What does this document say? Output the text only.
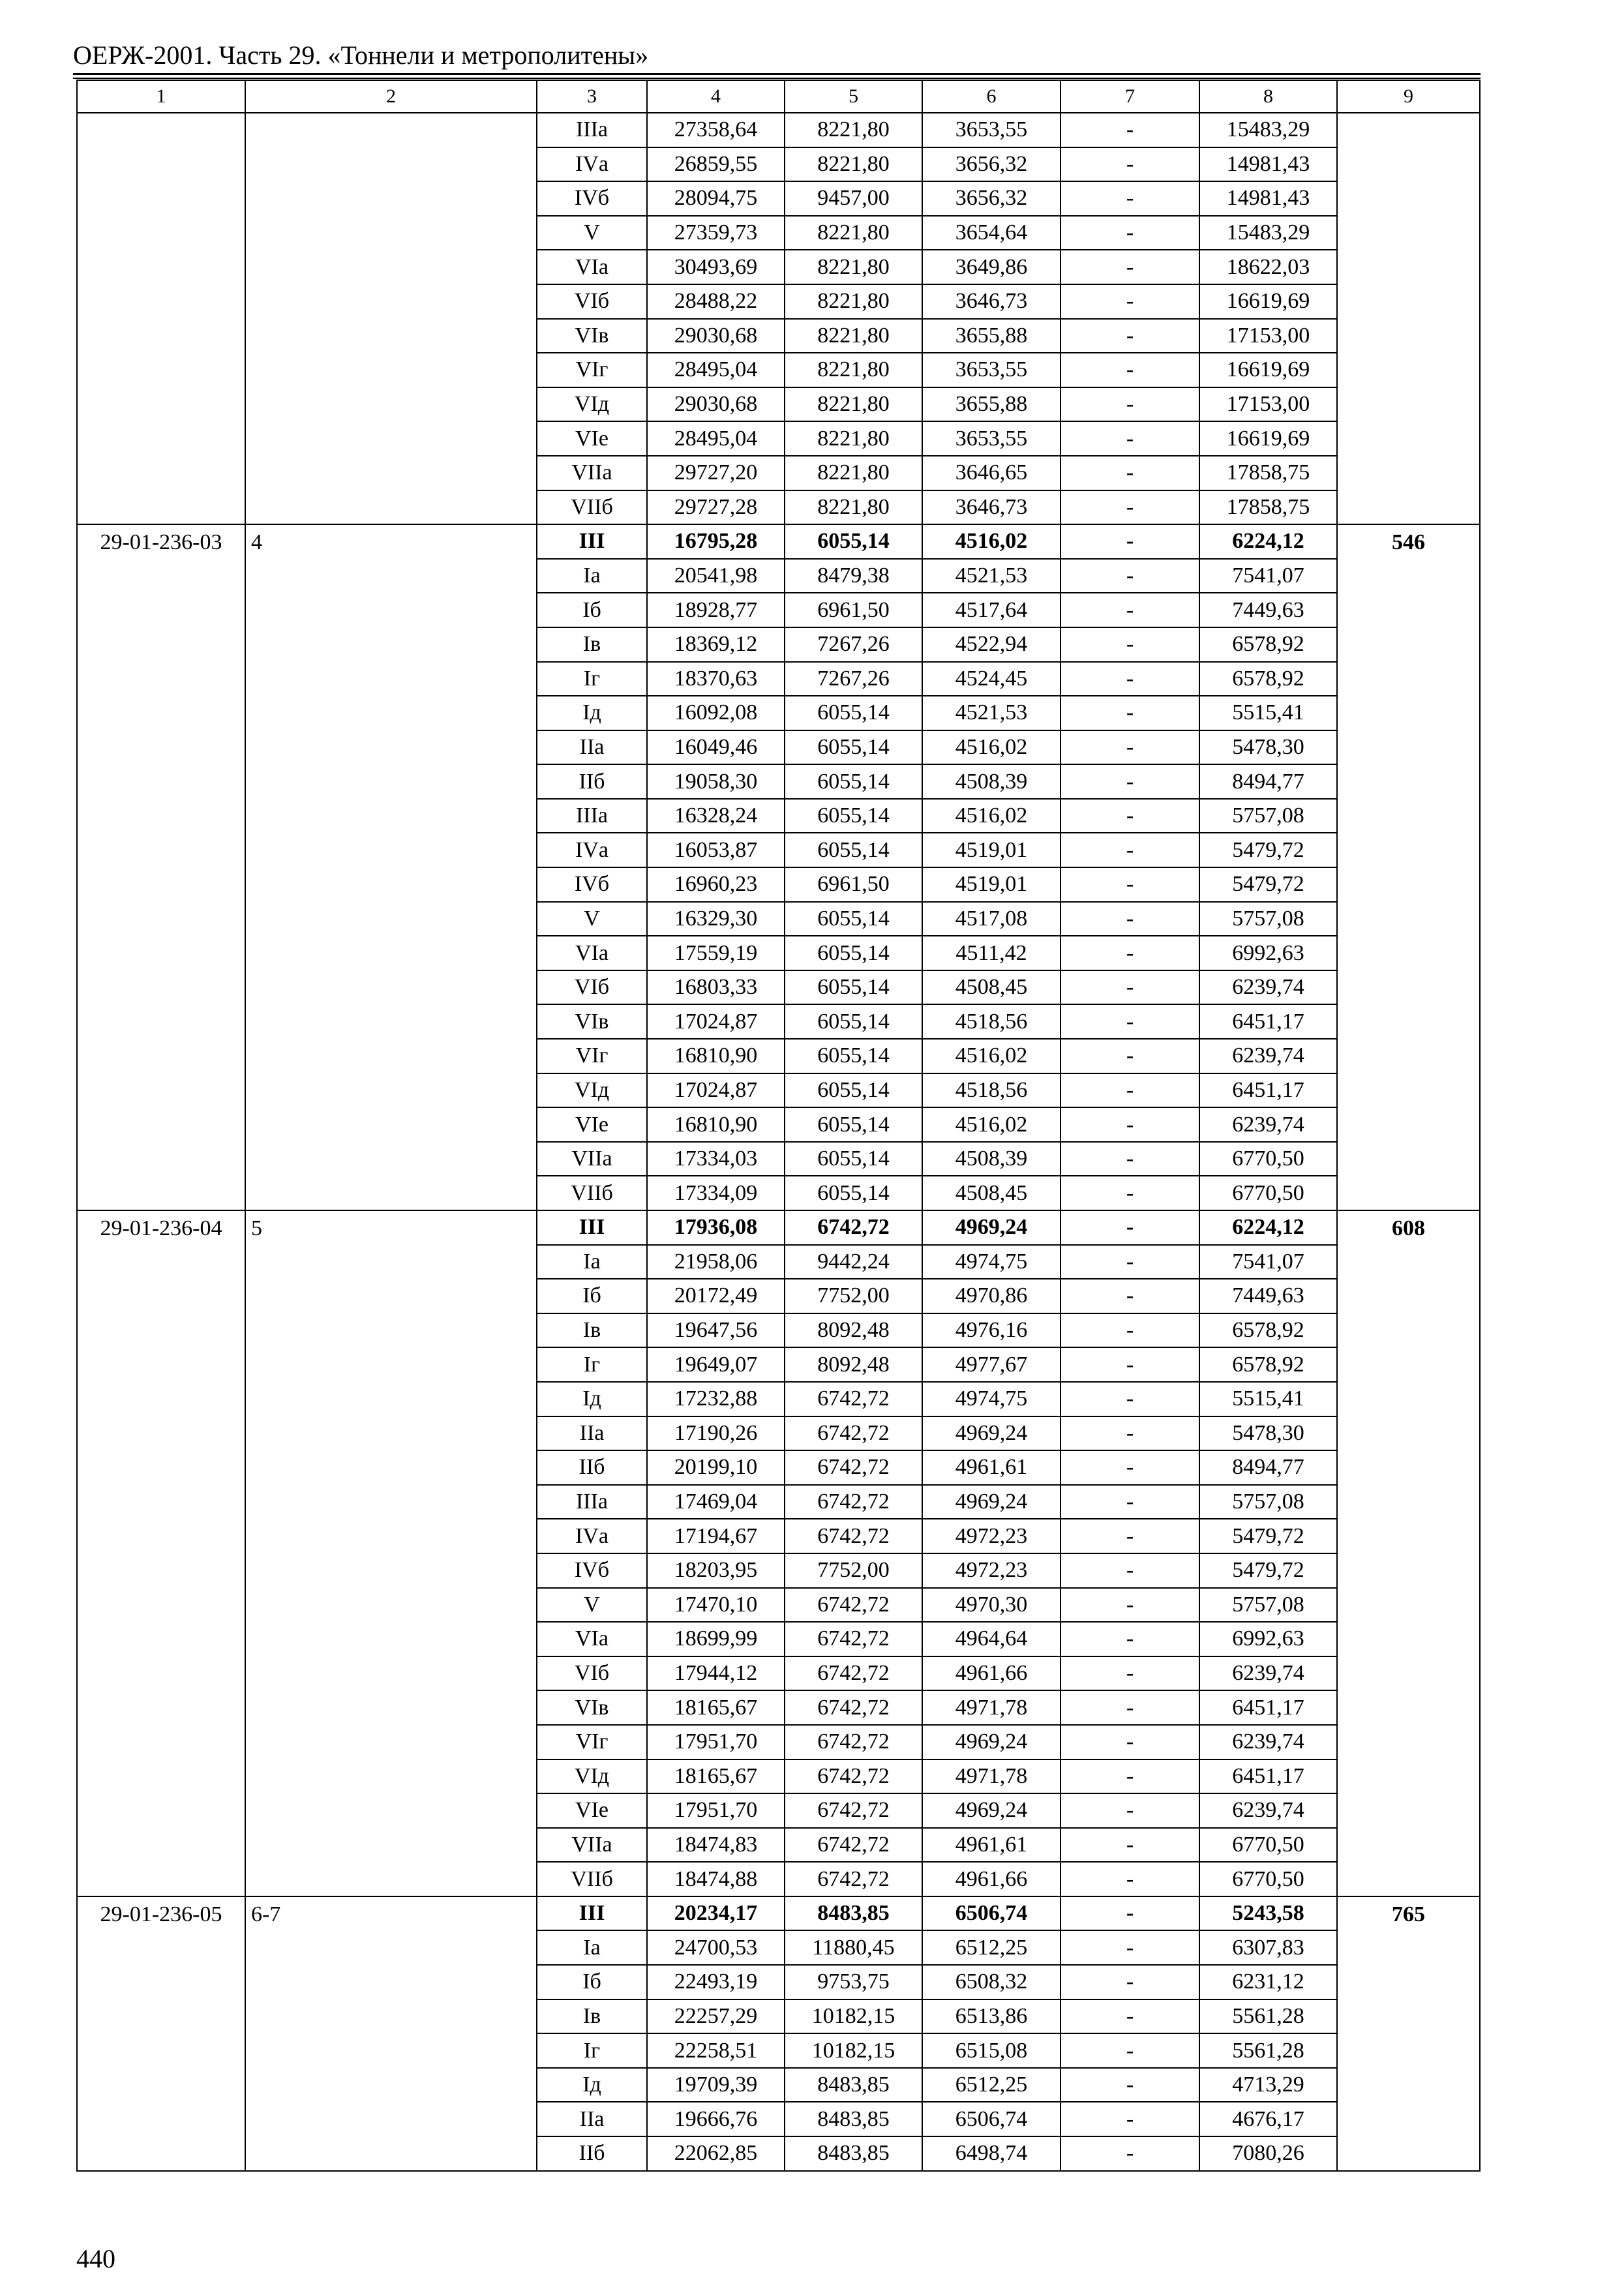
ОЕРЖ-2001. Часть 29. «Тоннели и метрополитены»
1	2	3	4	5	6	7	8	9
		IIIа	27358,64	8221,80	3653,55	-	15483,29	
		IVа	26859,55	8221,80	3656,32	-	14981,43	
		IVб	28094,75	9457,00	3656,32	-	14981,43	
		V	27359,73	8221,80	3654,64	-	15483,29	
		VIа	30493,69	8221,80	3649,86	-	18622,03	
		VIб	28488,22	8221,80	3646,73	-	16619,69	
		VIв	29030,68	8221,80	3655,88	-	17153,00	
		VIг	28495,04	8221,80	3653,55	-	16619,69	
		VIд	29030,68	8221,80	3655,88	-	17153,00	
		VIе	28495,04	8221,80	3653,55	-	16619,69	
		VIIа	29727,20	8221,80	3646,65	-	17858,75	
		VIIб	29727,28	8221,80	3646,73	-	17858,75	
29-01-236-03	4	III	16795,28	6055,14	4516,02	-	6224,12	546
		Iа	20541,98	8479,38	4521,53	-	7541,07	
		Iб	18928,77	6961,50	4517,64	-	7449,63	
		Iв	18369,12	7267,26	4522,94	-	6578,92	
		Iг	18370,63	7267,26	4524,45	-	6578,92	
		Iд	16092,08	6055,14	4521,53	-	5515,41	
		IIа	16049,46	6055,14	4516,02	-	5478,30	
		IIб	19058,30	6055,14	4508,39	-	8494,77	
		IIIа	16328,24	6055,14	4516,02	-	5757,08	
		IVа	16053,87	6055,14	4519,01	-	5479,72	
		IVб	16960,23	6961,50	4519,01	-	5479,72	
		V	16329,30	6055,14	4517,08	-	5757,08	
		VIа	17559,19	6055,14	4511,42	-	6992,63	
		VIб	16803,33	6055,14	4508,45	-	6239,74	
		VIв	17024,87	6055,14	4518,56	-	6451,17	
		VIг	16810,90	6055,14	4516,02	-	6239,74	
		VIд	17024,87	6055,14	4518,56	-	6451,17	
		VIе	16810,90	6055,14	4516,02	-	6239,74	
		VIIа	17334,03	6055,14	4508,39	-	6770,50	
		VIIб	17334,09	6055,14	4508,45	-	6770,50	
29-01-236-04	5	III	17936,08	6742,72	4969,24	-	6224,12	608
		Iа	21958,06	9442,24	4974,75	-	7541,07	
		Iб	20172,49	7752,00	4970,86	-	7449,63	
		Iв	19647,56	8092,48	4976,16	-	6578,92	
		Iг	19649,07	8092,48	4977,67	-	6578,92	
		Iд	17232,88	6742,72	4974,75	-	5515,41	
		IIа	17190,26	6742,72	4969,24	-	5478,30	
		IIб	20199,10	6742,72	4961,61	-	8494,77	
		IIIа	17469,04	6742,72	4969,24	-	5757,08	
		IVа	17194,67	6742,72	4972,23	-	5479,72	
		IVб	18203,95	7752,00	4972,23	-	5479,72	
		V	17470,10	6742,72	4970,30	-	5757,08	
		VIа	18699,99	6742,72	4964,64	-	6992,63	
		VIб	17944,12	6742,72	4961,66	-	6239,74	
		VIв	18165,67	6742,72	4971,78	-	6451,17	
		VIг	17951,70	6742,72	4969,24	-	6239,74	
		VIд	18165,67	6742,72	4971,78	-	6451,17	
		VIе	17951,70	6742,72	4969,24	-	6239,74	
		VIIа	18474,83	6742,72	4961,61	-	6770,50	
		VIIб	18474,88	6742,72	4961,66	-	6770,50	
29-01-236-05	6-7	III	20234,17	8483,85	6506,74	-	5243,58	765
		Iа	24700,53	11880,45	6512,25	-	6307,83	
		Iб	22493,19	9753,75	6508,32	-	6231,12	
		Iв	22257,29	10182,15	6513,86	-	5561,28	
		Iг	22258,51	10182,15	6515,08	-	5561,28	
		Iд	19709,39	8483,85	6512,25	-	4713,29	
		IIа	19666,76	8483,85	6506,74	-	4676,17	
		IIб	22062,85	8483,85	6498,74	-	7080,26	
440
